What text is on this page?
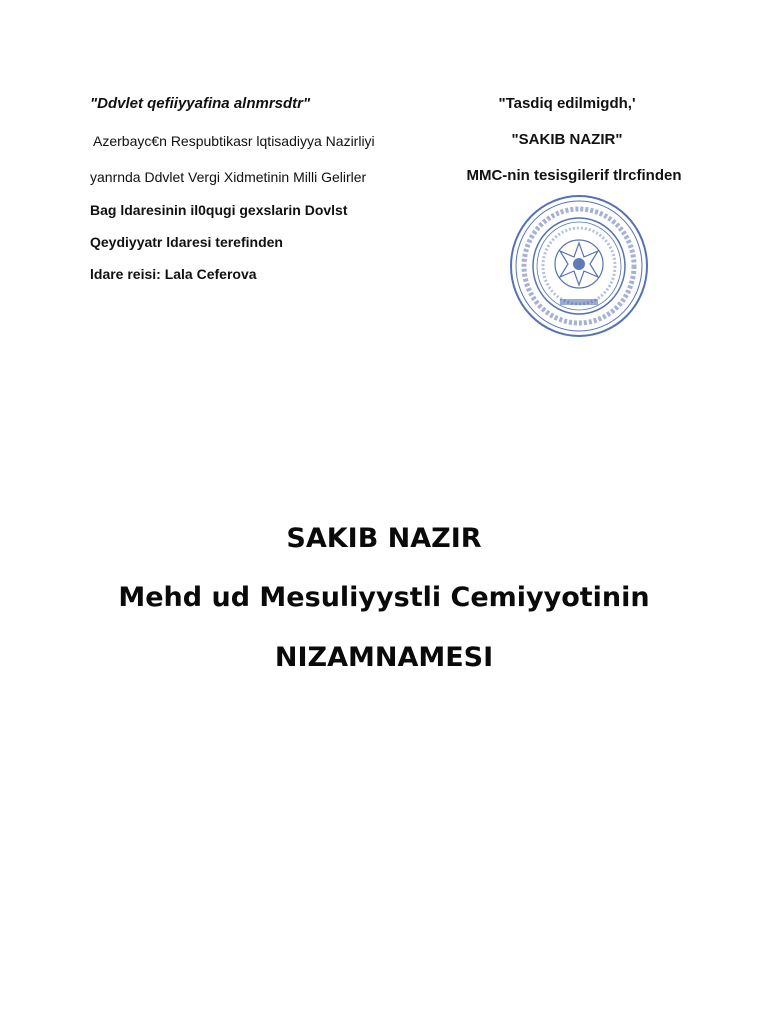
"Ddvlet qefiiyyafina alnmrsdtr"
Azerbayc€n Respubtikasr lqtisadiyya Nazirliyi
yanrnda Ddvlet Vergi Xidmetinin Milli Gelirler
Bag ldaresinin il0qugi gexslarin Dovlst
Qeydiyyatr ldaresi terefinden
ldare reisi: Lala Ceferova
"Tasdiq edilmigdh,'
"SAKIB NAZIR"
MMC-nin tesisgilerif tlrcfinden
SAKIB NAZIR
Mehd ud Mesuliyystli Cemiyyotinin
NIZAMNAMESI
